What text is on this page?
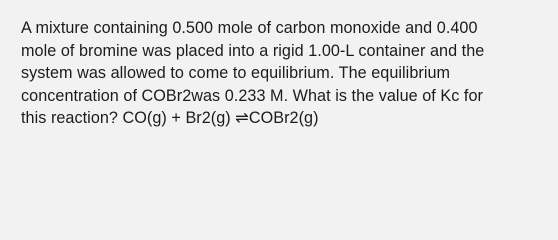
A mixture containing 0.500 mole of carbon monoxide and 0.400
mole of bromine was placed into a rigid 1.00-L container and the
system was allowed to come to equilibrium. The equilibrium
concentration of COBr2was 0.233 M. What is the value of Kc for
this reaction? CO(g) + Br2(g) ⇌COBr2(g)
